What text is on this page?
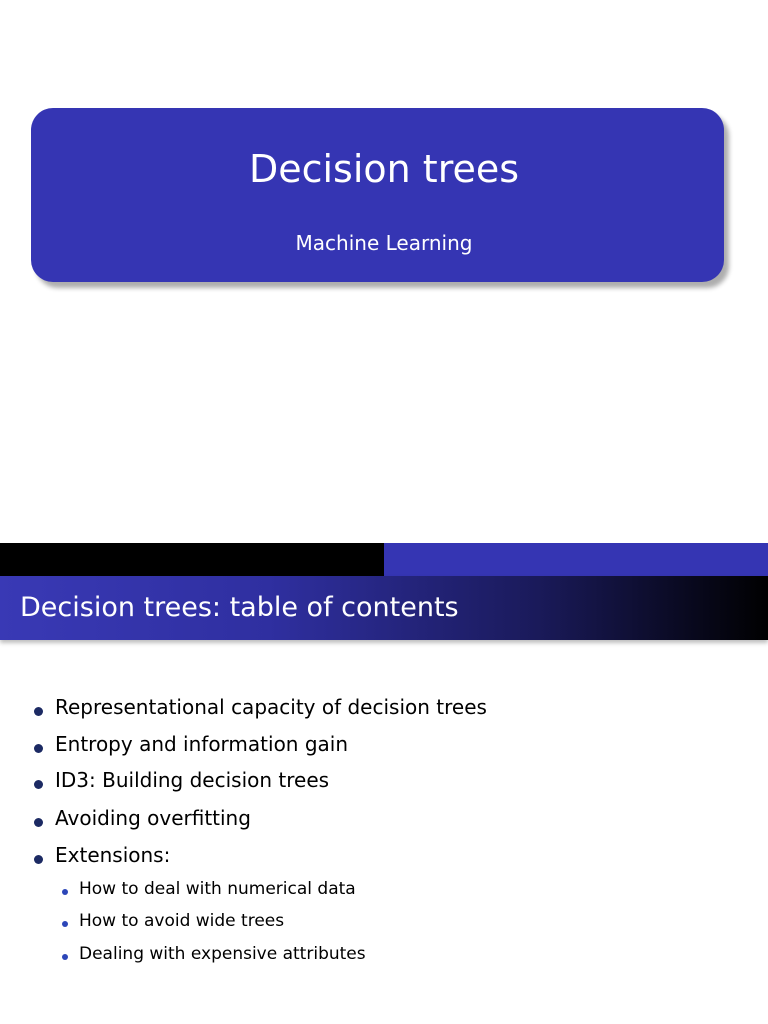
Decision trees
Machine Learning
Decision trees: table of contents
Representational capacity of decision trees
Entropy and information gain
ID3: Building decision trees
Avoiding overfitting
Extensions:
How to deal with numerical data
How to avoid wide trees
Dealing with expensive attributes
